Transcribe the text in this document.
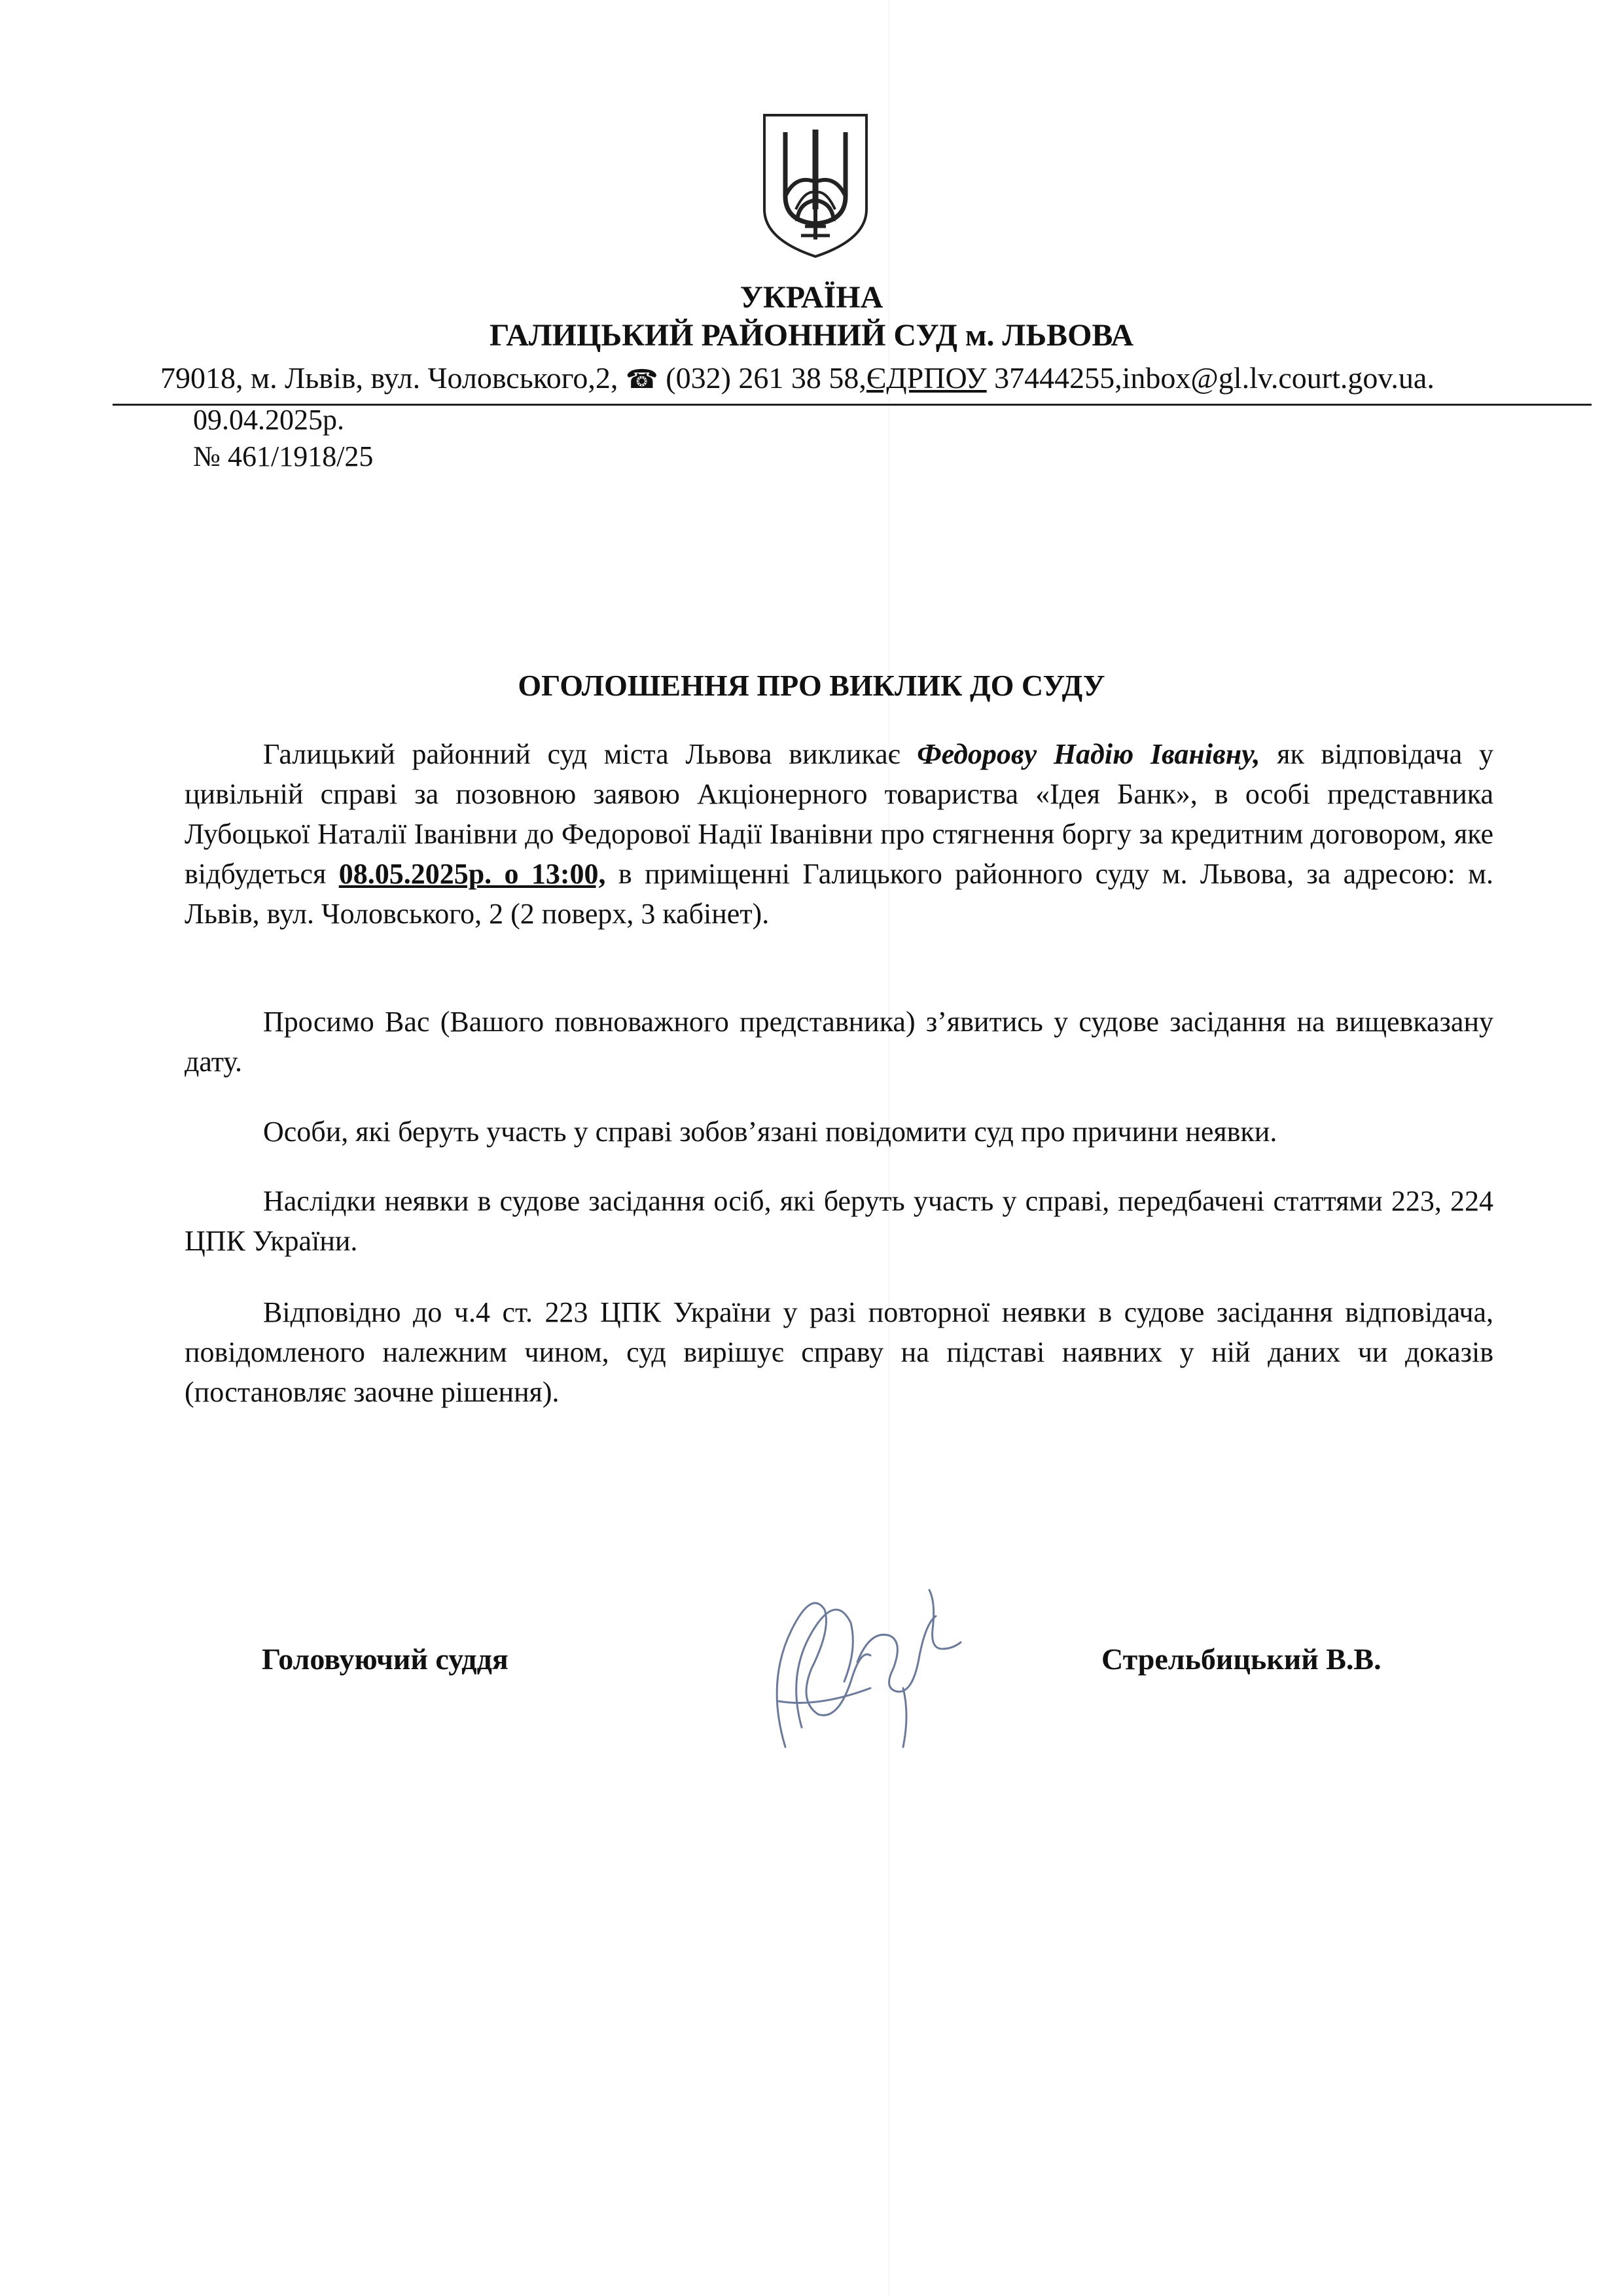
УКРАЇНА
ГАЛИЦЬКИЙ РАЙОННИЙ СУД м. ЛЬВОВА
79018, м. Львів, вул. Чоловського,2, ☎ (032) 261 38 58,ЄДРПОУ 37444255,inbox@gl.lv.court.gov.ua.
09.04.2025р.
№ 461/1918/25
ОГОЛОШЕННЯ ПРО ВИКЛИК ДО СУДУ
Галицький районний суд міста Львова викликає Федорову Надію Іванівну, як відповідача у цивільній справі за позовною заявою Акціонерного товариства «Ідея Банк», в особі представника Лубоцької Наталії Іванівни до Федорової Надії Іванівни про стягнення боргу за кредитним договором, яке відбудеться 08.05.2025р. о 13:00, в приміщенні Галицького районного суду м. Львова, за адресою: м. Львів, вул. Чоловського, 2 (2 поверх, 3 кабінет).
Просимо Вас (Вашого повноважного представника) з’явитись у судове засідання на вищевказану дату.
Особи, які беруть участь у справі зобов’язані повідомити суд про причини неявки.
Наслідки неявки в судове засідання осіб, які беруть участь у справі, передбачені статтями 223, 224 ЦПК України.
Відповідно до ч.4 ст. 223 ЦПК України у разі повторної неявки в судове засідання відповідача, повідомленого належним чином, суд вирішує справу на підставі наявних у ній даних чи доказів (постановляє заочне рішення).
Головуючий суддя	Стрельбицький В.В.
